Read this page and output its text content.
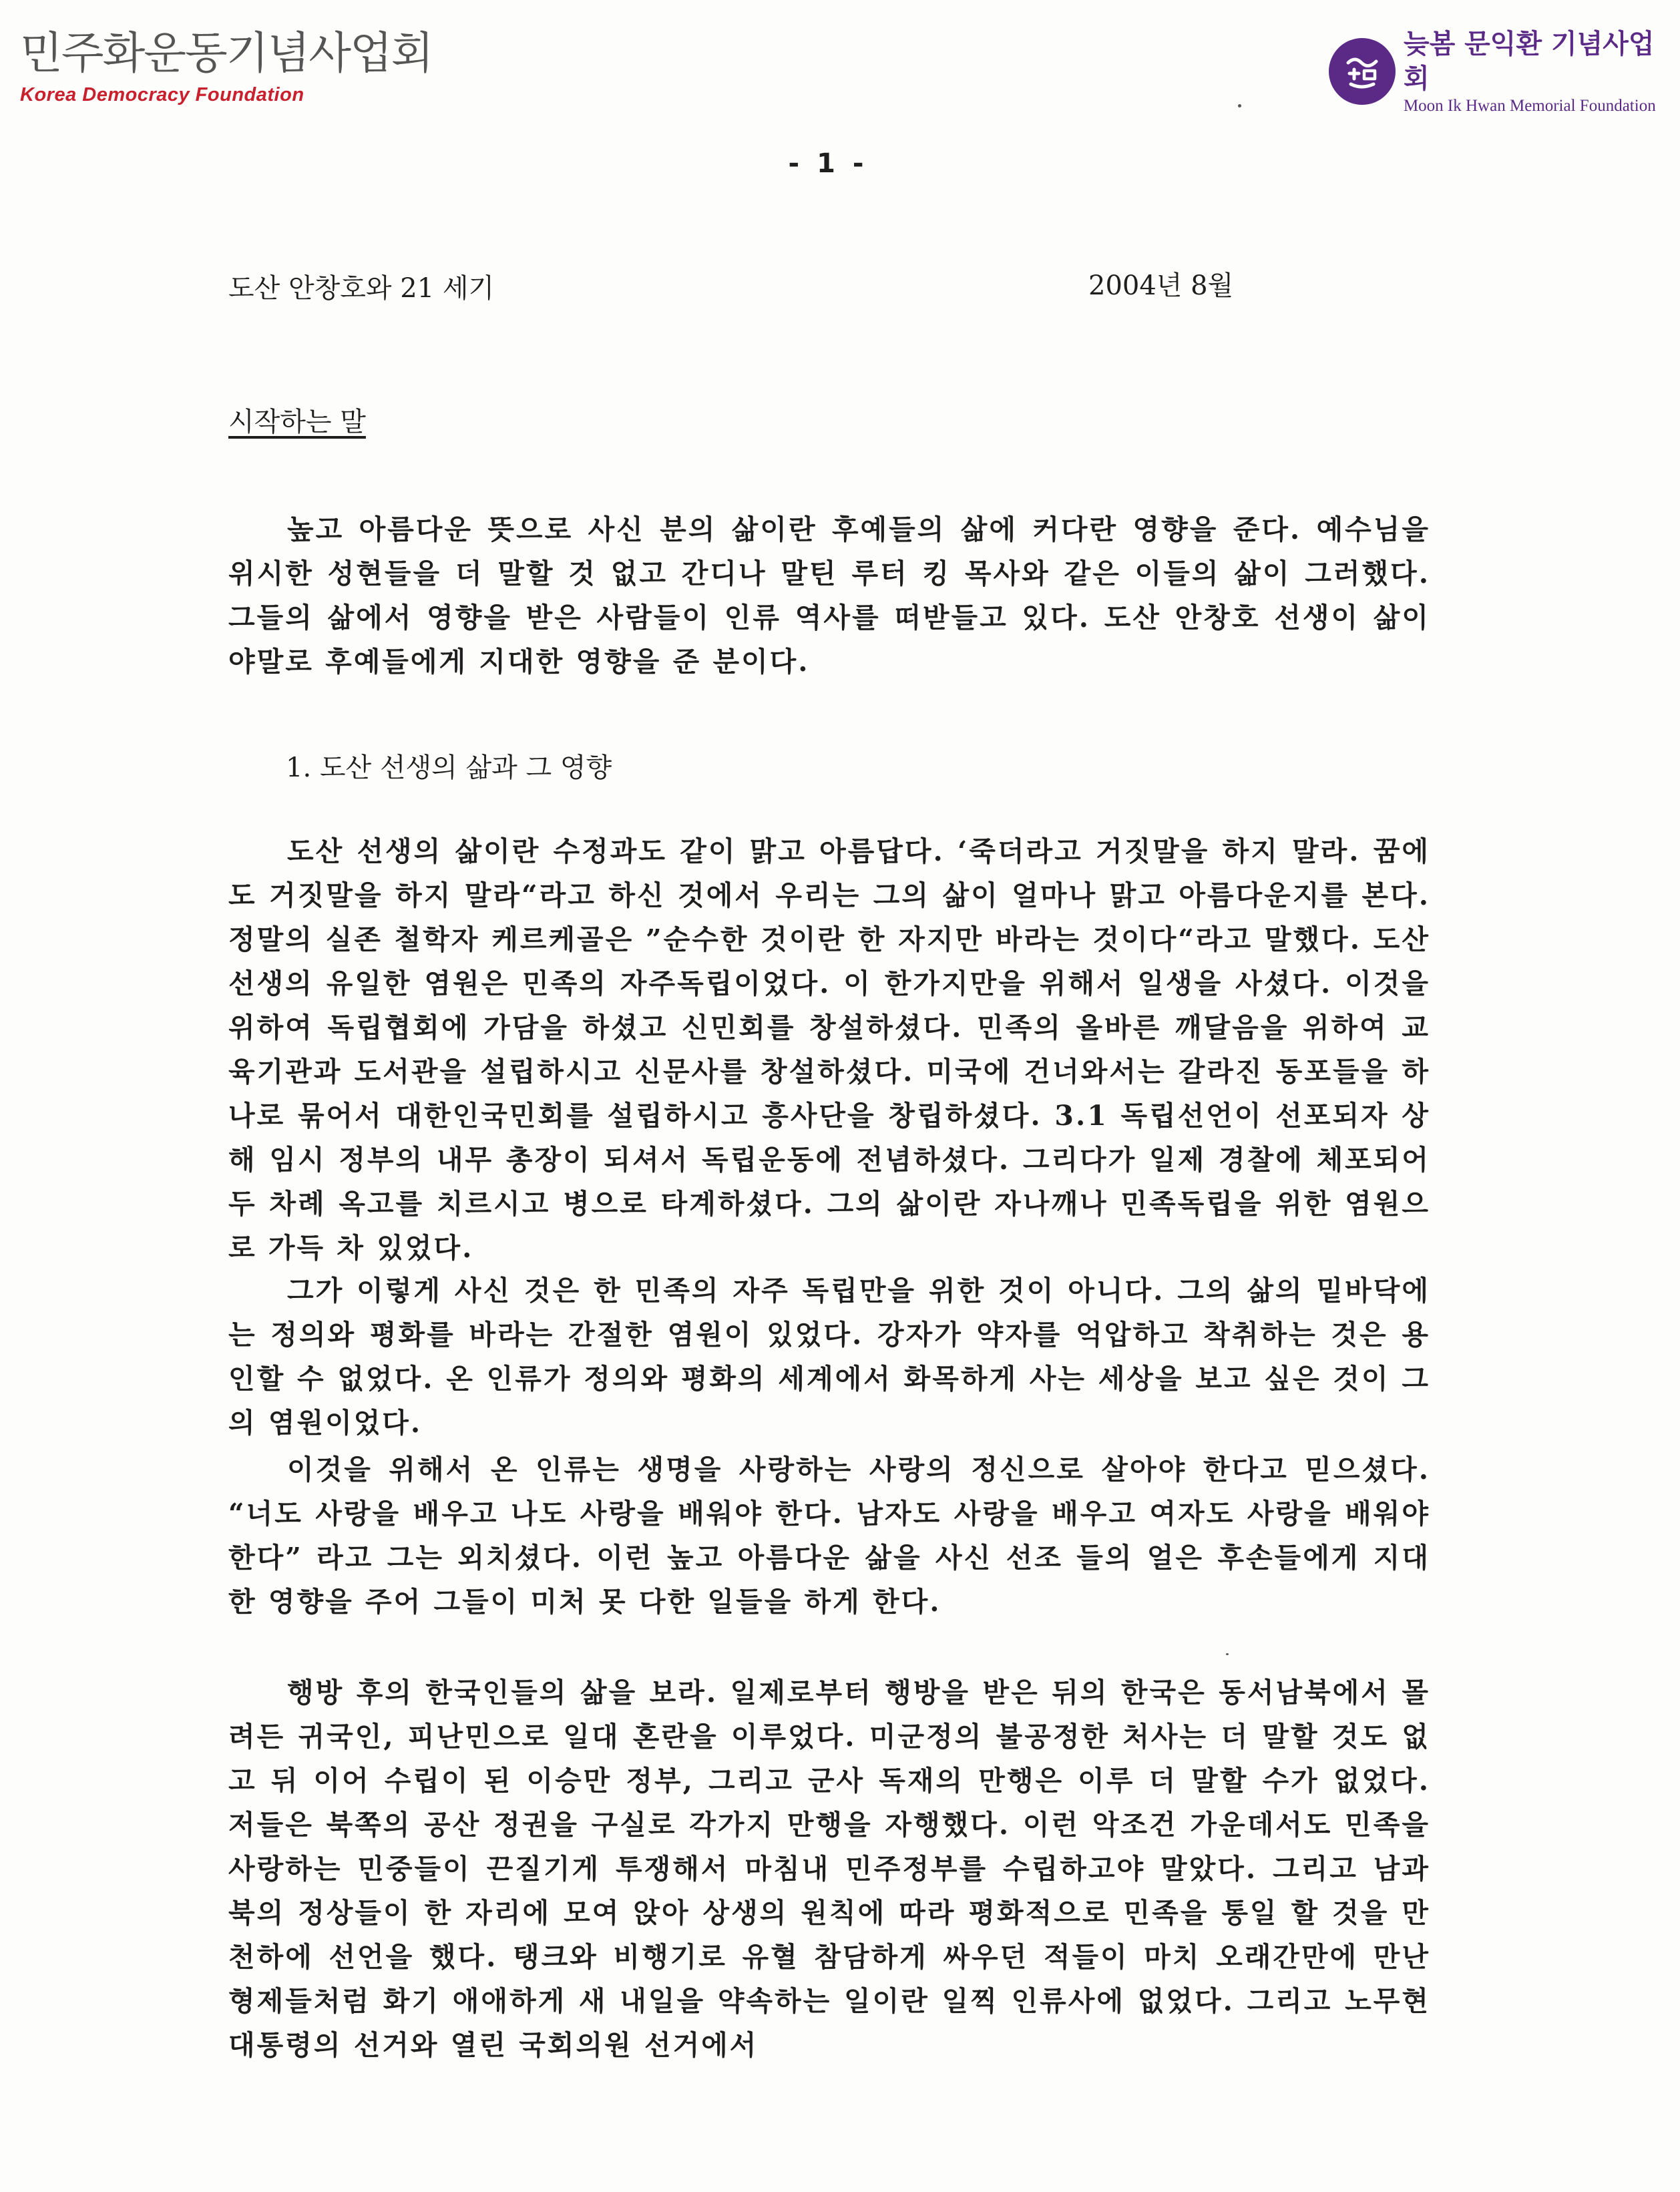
민주화운동기념사업회
Korea Democracy Foundation
늦봄 문익환 기념사업회
Moon Ik Hwan Memorial Foundation
- 1 -
도산 안창호와 21 세기	2004년 8월
시작하는 말

높고 아름다운 뜻으로 사신 분의 삶이란 후예들의 삶에 커다란 영향을 준다. 예수님을 위시한 성현들을 더 말할 것 없고 간디나 말틴 루터 킹 목사와 같은 이들의 삶이 그러했다. 그들의 삶에서 영향을 받은 사람들이 인류 역사를 떠받들고 있다. 도산 안창호 선생이 삶이야말로 후예들에게 지대한 영향을 준 분이다.

1. 도산 선생의 삶과 그 영향

도산 선생의 삶이란 수정과도 같이 맑고 아름답다. ‘죽더라고 거짓말을 하지 말라. 꿈에도 거짓말을 하지 말라“라고 하신 것에서 우리는 그의 삶이 얼마나 맑고 아름다운지를 본다. 정말의 실존 철학자 케르케골은 ”순수한 것이란 한 자지만 바라는 것이다“라고 말했다. 도산 선생의 유일한 염원은 민족의 자주독립이었다. 이 한가지만을 위해서 일생을 사셨다. 이것을 위하여 독립협회에 가담을 하셨고 신민회를 창설하셨다. 민족의 올바른 깨달음을 위하여 교육기관과 도서관을 설립하시고 신문사를 창설하셨다. 미국에 건너와서는 갈라진 동포들을 하나로 묶어서 대한인국민회를 설립하시고 흥사단을 창립하셨다. 3.1 독립선언이 선포되자 상해 임시 정부의 내무 총장이 되셔서 독립운동에 전념하셨다. 그리다가 일제 경찰에 체포되어 두 차례 옥고를 치르시고 병으로 타계하셨다. 그의 삶이란 자나깨나 민족독립을 위한 염원으로 가득 차 있었다.

그가 이렇게 사신 것은 한 민족의 자주 독립만을 위한 것이 아니다. 그의 삶의 밑바닥에는 정의와 평화를 바라는 간절한 염원이 있었다. 강자가 약자를 억압하고 착취하는 것은 용인할 수 없었다. 온 인류가 정의와 평화의 세계에서 화목하게 사는 세상을 보고 싶은 것이 그의 염원이었다.

이것을 위해서 온 인류는 생명을 사랑하는 사랑의 정신으로 살아야 한다고 믿으셨다. “너도 사랑을 배우고 나도 사랑을 배워야 한다. 남자도 사랑을 배우고 여자도 사랑을 배워야 한다” 라고 그는 외치셨다. 이런 높고 아름다운 삶을 사신 선조 들의 얼은 후손들에게 지대한 영향을 주어 그들이 미처 못 다한 일들을 하게 한다.

행방 후의 한국인들의 삶을 보라. 일제로부터 행방을 받은 뒤의 한국은 동서남북에서 몰려든 귀국인, 피난민으로 일대 혼란을 이루었다. 미군정의 불공정한 처사는 더 말할 것도 없고 뒤 이어 수립이 된 이승만 정부, 그리고 군사 독재의 만행은 이루 더 말할 수가 없었다. 저들은 북쪽의 공산 정권을 구실로 각가지 만행을 자행했다. 이런 악조건 가운데서도 민족을 사랑하는 민중들이 끈질기게 투쟁해서 마침내 민주정부를 수립하고야 말았다. 그리고 남과 북의 정상들이 한 자리에 모여 앉아 상생의 원칙에 따라 평화적으로 민족을 통일 할 것을 만천하에 선언을 했다. 탱크와 비행기로 유혈 참담하게 싸우던 적들이 마치 오래간만에 만난 형제들처럼 화기 애애하게 새 내일을 약속하는 일이란 일찍 인류사에 없었다. 그리고 노무현 대통령의 선거와 열린 국회의원 선거에서
